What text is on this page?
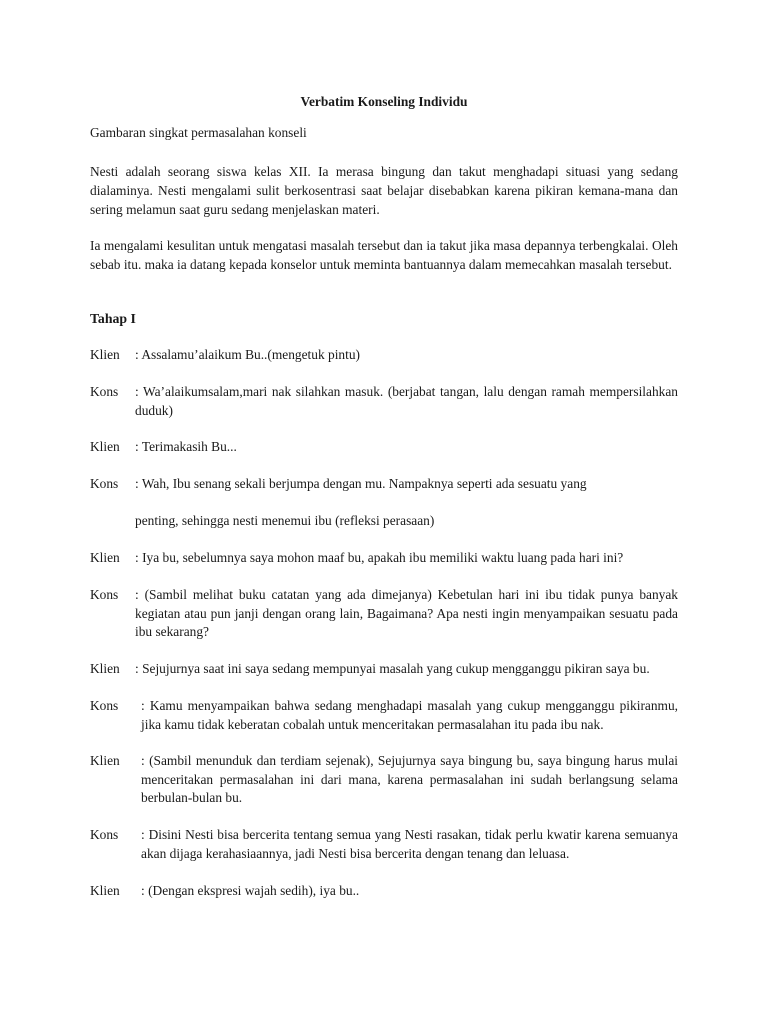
Verbatim Konseling Individu

Gambaran singkat permasalahan konseli

Nesti adalah seorang siswa kelas XII. Ia merasa bingung dan takut menghadapi situasi yang sedang dialaminya. Nesti mengalami sulit berkosentrasi saat belajar disebabkan karena pikiran kemana-mana dan sering melamun saat guru sedang menjelaskan materi.

Ia mengalami kesulitan untuk mengatasi masalah tersebut dan ia takut jika masa depannya terbengkalai. Oleh sebab itu. maka ia datang kepada konselor untuk meminta bantuannya dalam memecahkan masalah tersebut.

Tahap I

Klien	: Assalamu’alaikum Bu..(mengetuk pintu)
Kons	: Wa’alaikumsalam,mari nak silahkan masuk. (berjabat tangan, lalu dengan ramah mempersilahkan duduk)
Klien	: Terimakasih Bu...
Kons	: Wah, Ibu senang sekali berjumpa dengan mu. Nampaknya seperti ada sesuatu yang
penting, sehingga nesti menemui ibu (refleksi perasaan)
Klien	: Iya bu, sebelumnya saya mohon maaf bu, apakah ibu memiliki waktu luang pada hari ini?
Kons	: (Sambil melihat buku catatan yang ada dimejanya) Kebetulan hari ini ibu tidak punya banyak kegiatan atau pun janji dengan orang lain, Bagaimana? Apa nesti ingin menyampaikan sesuatu pada ibu sekarang?
Klien	: Sejujurnya saat ini saya sedang mempunyai masalah yang cukup mengganggu pikiran saya bu.
Kons	: Kamu menyampaikan bahwa sedang menghadapi masalah yang cukup mengganggu pikiranmu, jika kamu tidak keberatan cobalah untuk menceritakan permasalahan itu pada ibu nak.
Klien	: (Sambil menunduk dan terdiam sejenak), Sejujurnya saya bingung bu, saya bingung harus mulai menceritakan permasalahan ini dari mana, karena permasalahan ini sudah berlangsung selama berbulan-bulan bu.
Kons	: Disini Nesti bisa bercerita tentang semua yang Nesti rasakan, tidak perlu kwatir karena semuanya akan dijaga kerahasiaannya, jadi Nesti bisa bercerita dengan tenang dan leluasa.
Klien	: (Dengan ekspresi wajah sedih), iya bu..
